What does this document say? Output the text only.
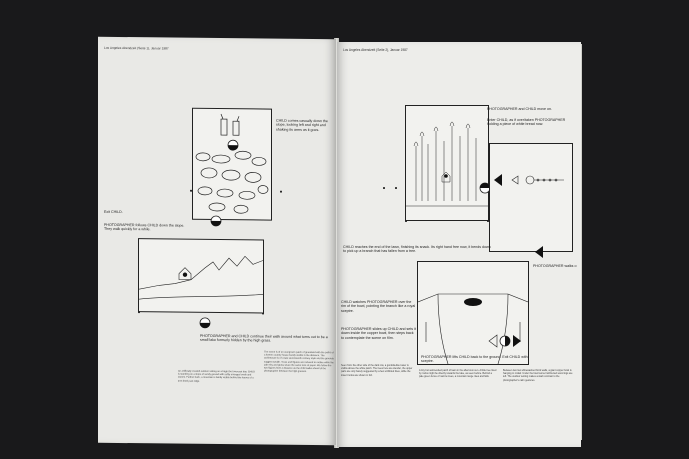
Los Angeles Abendzeit (Seite 1), Januar 1987

CHILD comes casually down the slope, looking left and right and shaking its arms as it goes.

Exit CHILD.

PHOTOGRAPHER follows CHILD down the slope. They walk quickly for a while.

PHOTOGRAPHER and CHILD continue their walk around what turns out to be a small lake formerly hidden by the high grass.

An artificially created outdoor setting on a bright but overcast day. CHILD is standing on a slope of sandy ground with softly arranged ovals and stones. Further back, a mountain is faintly visible behind the leaves of a tree-lined park ridge.

The scene is of an overgrown patch of grassland with the paths of a former country house barely visible in the distance. The architecture is of a late seventeenth century style and the grounds suggest wealth. Trees and figures are reduced to outline while the pale sky and grass share the same tone of paper. We follow the two figures from a distance as the child walks ahead of the photographer between the high grasses.

Los Angeles Abendzeit (Seite 2), Januar 1987

PHOTOGRAPHER and CHILD move on.

Enter CHILD, as if over/taken PHOTOGRAPHER holding a piece of white bread now.

CHILD reaches the end of the lawn, finishing its snack. Its right hand free now, it bends down to pick up a branch that has fallen from a tree.

PHOTOGRAPHER walks o

CHILD watches PHOTOGRAPHER over the rim of the bowl, pointing the branch like a royal sceptre.

PHOTOGRAPHER slides up CHILD and sets it down inside the copper bowl, then steps back to contemplate the scene on film.

PHOTOGRAPHER lifts CHILD back to the ground. Exit CHILD with sceptre.

Seen from the other side of the dark row, a gondola-like tower is visible above the white patch. The trees here are slender, the upper parts are only barely suggested by a few scribbled lines, while the lower trunks are shown in full.

A tiny but well-tended patch of lawn in the afternoon sun. A little tree lined by rocks might be directly towards the lake, as seen before. Behind a pale green fence of narrow trees, a mountain range rises and falls.

Between two low whitewashed brick walls, a giant copper bowl is hanging in midair. Under the bowl some half-buried wood logs are left. The outdoor setting makes a stark contrast to the photographer's calm gestures.
